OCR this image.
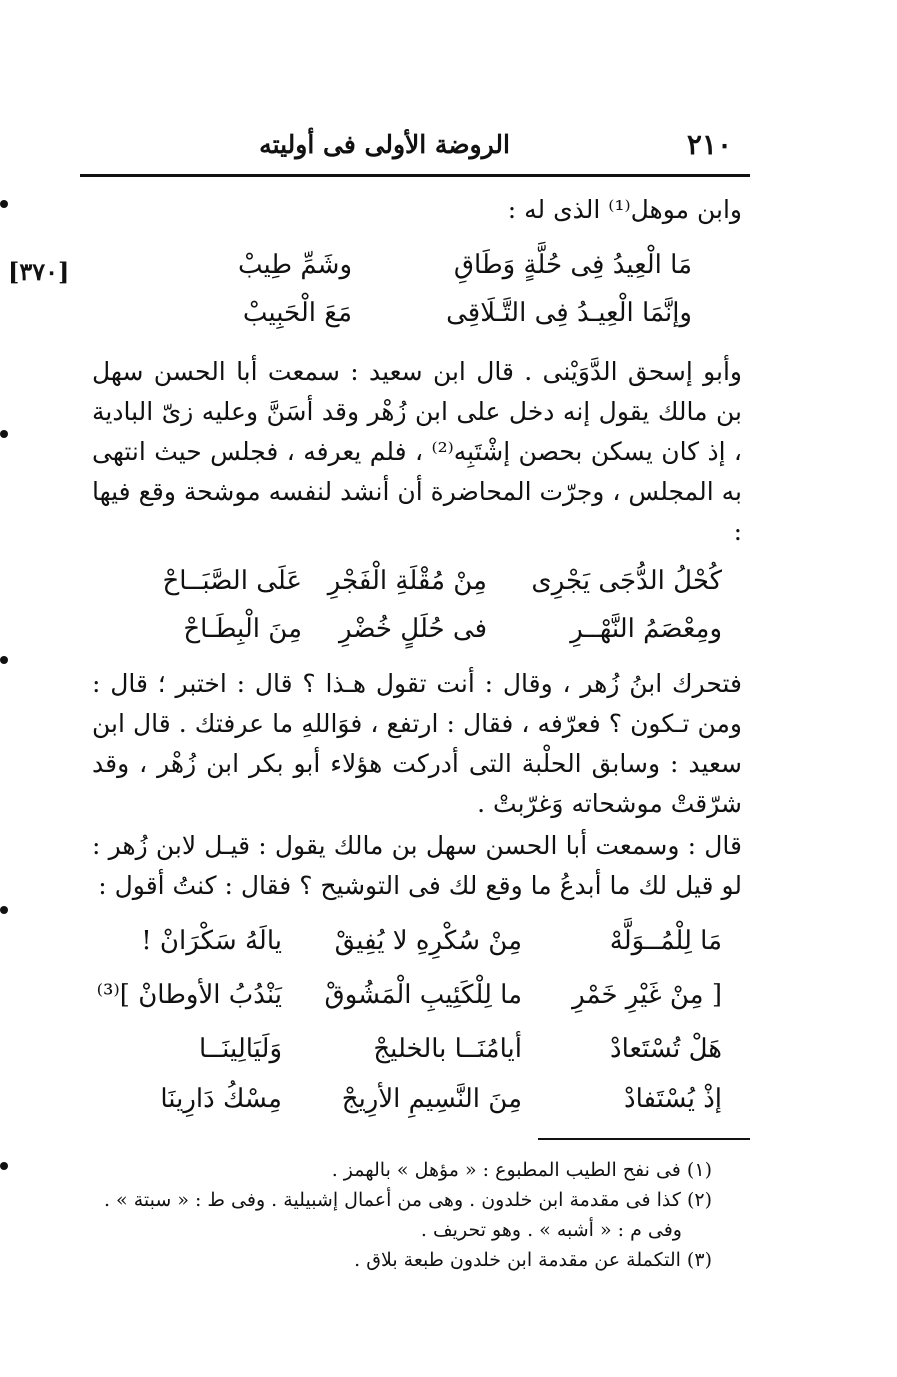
٢١٠
الروضة الأولى فى أوليته
[٣٧٠]
وابن موهل⁽¹⁾ الذى له :
مَا الْعِيدُ فِى حُلَّةٍ وَطَاقِ
وشَمِّ طِيبْ
وإنَّمَا الْعِيـدُ فِى التَّـلَاقِى
مَعَ الْحَبِيبْ
وأبو إسحق الدَّوَيْنى . قال ابن سعيد : سمعت أبا الحسن سهل بن مالك يقول إنه دخل على ابن زُهْر وقد أسَنَّ وعليه زىّ البادية ، إذ كان يسكن بحصن إشْتَبِه⁽²⁾ ، فلم يعرفه ، فجلس حيث انتهى به المجلس ، وجرّت المحاضرة أن أنشد لنفسه موشحة وقع فيها :
كُحْلُ الدُّجَى يَجْرِى
مِنْ مُقْلَةِ الْفَجْرِ
عَلَى الصَّبَــاحْ
ومِعْصَمُ النَّهْــرِ
فى حُلَلٍ خُضْرِ
مِنَ الْبِطَـاحْ
فتحرك ابنُ زُهر ، وقال : أنت تقول هـذا ؟ قال : اختبر ؛ قال : ومن تـكون ؟ فعرّفه ، فقال : ارتفع ، فوَاللهِ ما عرفتك . قال ابن سعيد : وسابق الحلْبة التى أدركت هؤلاء أبو بكر ابن زُهْر ، وقد شرّقتْ موشحاته وَغرّبتْ .
قال : وسمعت أبا الحسن سهل بن مالك يقول : قيـل لابن زُهر : لو قيل لك ما أبدعُ ما وقع لك فى التوشيح ؟ فقال : كنتُ أقول :
مَا لِلْمُــوَلَّهْ
مِنْ سُكْرِهِ لا يُفِيقْ
يالَهُ سَكْرَانْ !
[ مِنْ غَيْرِ خَمْرِ
ما لِلْكَئِيبِ الْمَشُوقْ
يَنْدُبُ الأوطانْ ]⁽³⁾
هَلْ تُسْتَعادْ
أيامُنَــا بالخليجْ
وَلَيَالِينَــا
إذْ يُسْتَفادْ
مِنَ النَّسِيمِ الأرِيجْ
مِسْكُ دَارِينَا
(١) فى نفح الطيب المطبوع : « مؤهل » بالهمز .
(٢) كذا فى مقدمة ابن خلدون . وهى من أعمال إشبيلية . وفى ط : « سبتة » .
وفى م : « أشبه » . وهو تحريف .
(٣) التكملة عن مقدمة ابن خلدون طبعة بلاق .
